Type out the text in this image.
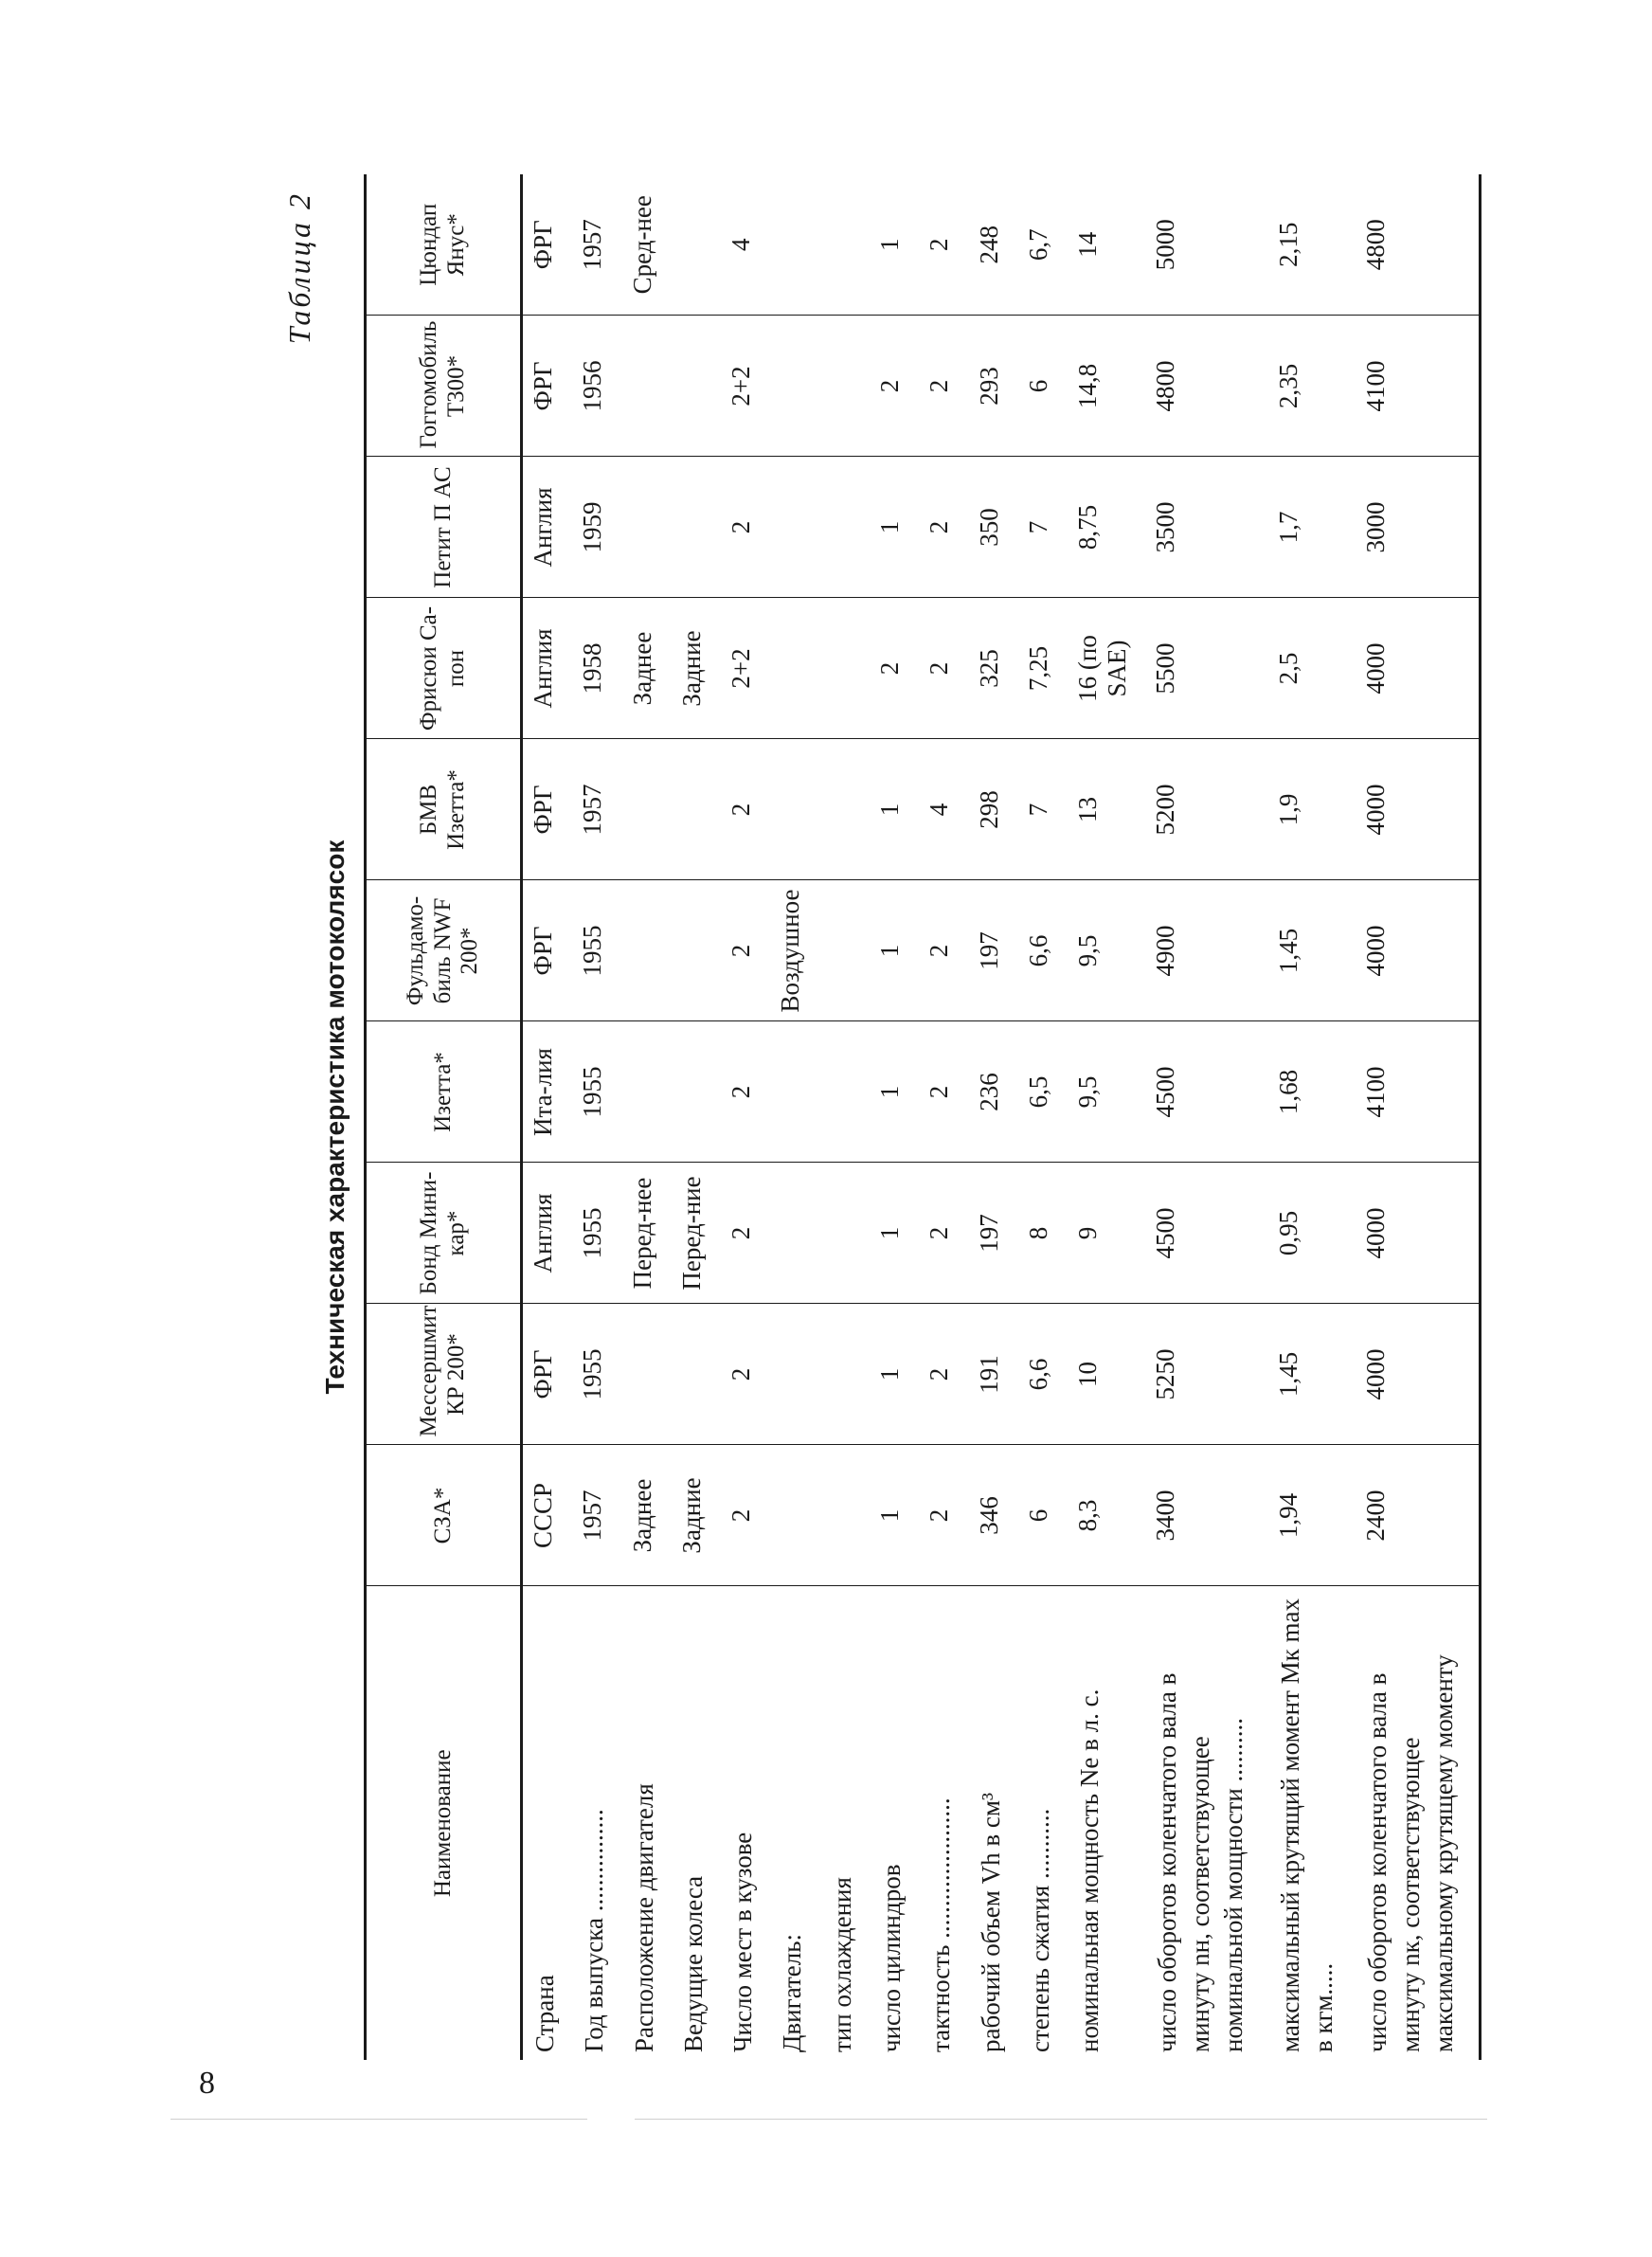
8
Таблица 2
Техническая характеристика мотоколясок
Наименование	СЗА*	Мессершмит КР 200*	Бонд Мини-кар*	Изетта*	Фульдамо-биль NWF 200*	БМВ Изетта*	Фрисюи Са-пон	Петит П АС	Гоггомобиль Т300*	Цюндап Янус*
Страна	СССР	ФРГ	Англия	Ита-лия	ФРГ	ФРГ	Англия	Англия	ФРГ	ФРГ
Год выпуска ................	1957	1955	1955	1955	1955	1957	1958	1959	1956	1957
Расположение двигателя	Заднее		Перед-нее				Заднее			Сред-нее
Ведущие колеса	Задние		Перед-ние				Задние			
Число мест в кузове	2	2	2	2	2	2	2+2	2	2+2	4
Двигатель:					Воздушное					
тип охлаждения										
число цилиндров	1	1	1	1	1	1	2	1	2	1
тактность ......................	2	2	2	2	2	4	2	2	2	2
рабочий объем Vh в см³	346	191	197	236	197	298	325	350	293	248
степень сжатия ...........	6	6,6	8	6,5	6,6	7	7,25	7	6	6,7
номинальная мощность Ne в л. с.	8,3	10	9	9,5	9,5	13	16 (по SAE)	8,75	14,8	14
число оборотов коленчатого вала в минуту nн, соответствующее номинальной мощности ..........	3400	5250	4500	4500	4900	5200	5500	3500	4800	5000
максимальный крутящий момент Mк max в кгм.....	1,94	1,45	0,95	1,68	1,45	1,9	2,5	1,7	2,35	2,15
число оборотов коленчатого вала в минуту nк, соответствующее максимальному крутящему моменту	2400	4000	4000	4100	4000	4000	4000	3000	4100	4800
